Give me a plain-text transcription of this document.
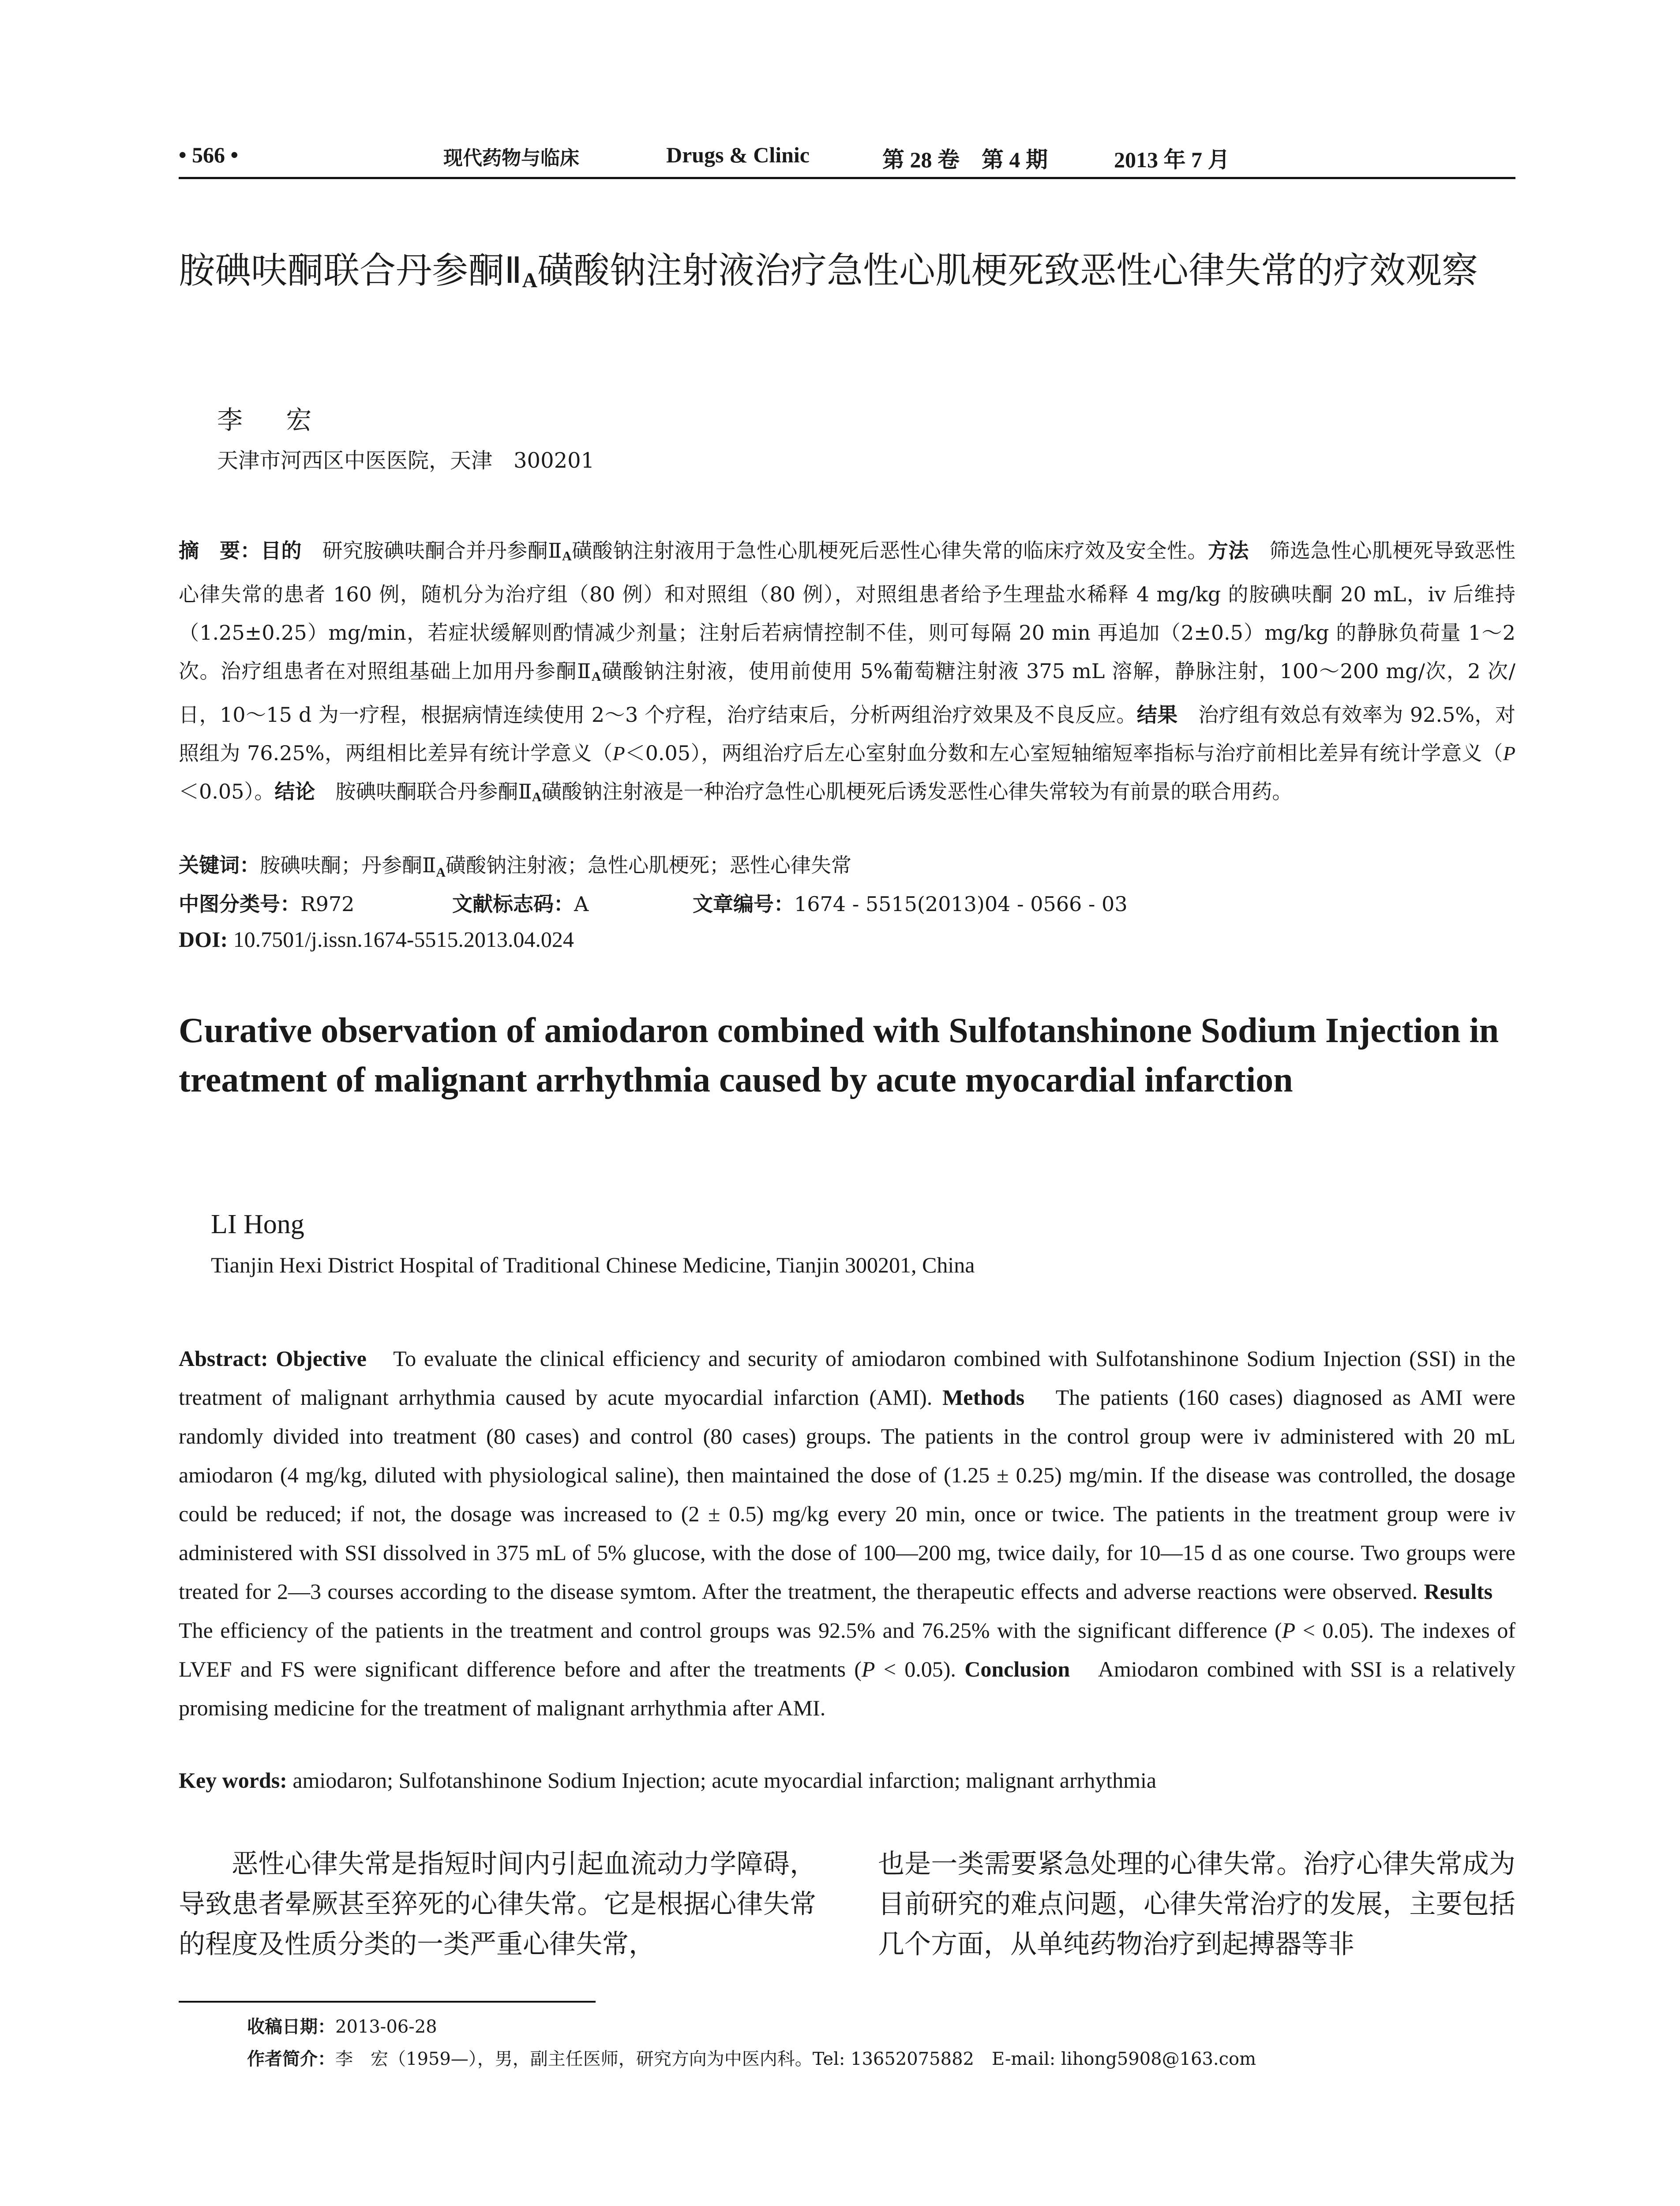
• 566 •	现代药物与临床	Drugs & Clinic	第 28 卷　第 4 期	2013 年 7 月
胺碘呋酮联合丹参酮$Ⅱ_A$磺酸钠注射液治疗急性心肌梗死致恶性心律失常的疗效观察
李 宏
天津市河西区中医医院，天津　300201

摘　要：目的　研究胺碘呋酮合并丹参酮$Ⅱ_A$磺酸钠注射液用于急性心肌梗死后恶性心律失常的临床疗效及安全性。方法　筛选急性心肌梗死导致恶性心律失常的患者 160 例，随机分为治疗组（80 例）和对照组（80 例），对照组患者给予生理盐水稀释 4 mg/kg 的胺碘呋酮 20 mL，iv 后维持（1.25±0.25）mg/min，若症状缓解则酌情减少剂量；注射后若病情控制不佳，则可每隔 20 min 再追加（2±0.5）mg/kg 的静脉负荷量 1～2 次。治疗组患者在对照组基础上加用丹参酮$Ⅱ_A$磺酸钠注射液，使用前使用 5%葡萄糖注射液 375 mL 溶解，静脉注射，100～200 mg/次，2 次/日，10～15 d 为一疗程，根据病情连续使用 2～3 个疗程，治疗结束后，分析两组治疗效果及不良反应。结果　治疗组有效总有效率为 92.5%，对照组为 76.25%，两组相比差异有统计学意义（P＜0.05），两组治疗后左心室射血分数和左心室短轴缩短率指标与治疗前相比差异有统计学意义（P＜0.05）。结论　胺碘呋酮联合丹参酮$Ⅱ_A$磺酸钠注射液是一种治疗急性心肌梗死后诱发恶性心律失常较为有前景的联合用药。

关键词：胺碘呋酮；丹参酮$Ⅱ_A$磺酸钠注射液；急性心肌梗死；恶性心律失常
中图分类号：R972	文献标志码：A	文章编号：1674 - 5515(2013)04 - 0566 - 03
DOI: 10.7501/j.issn.1674-5515.2013.04.024
Curative observation of amiodaron combined with Sulfotanshinone Sodium Injection in treatment of malignant arrhythmia caused by acute myocardial infarction
LI Hong
Tianjin Hexi District Hospital of Traditional Chinese Medicine, Tianjin 300201, China

Abstract: Objective　To evaluate the clinical efficiency and security of amiodaron combined with Sulfotanshinone Sodium Injection (SSI) in the treatment of malignant arrhythmia caused by acute myocardial infarction (AMI). Methods　The patients (160 cases) diagnosed as AMI were randomly divided into treatment (80 cases) and control (80 cases) groups. The patients in the control group were iv administered with 20 mL amiodaron (4 mg/kg, diluted with physiological saline), then maintained the dose of (1.25 ± 0.25) mg/min. If the disease was controlled, the dosage could be reduced; if not, the dosage was increased to (2 ± 0.5) mg/kg every 20 min, once or twice. The patients in the treatment group were iv administered with SSI dissolved in 375 mL of 5% glucose, with the dose of 100—200 mg, twice daily, for 10—15 d as one course. Two groups were treated for 2—3 courses according to the disease symtom. After the treatment, the therapeutic effects and adverse reactions were observed. Results　The efficiency of the patients in the treatment and control groups was 92.5% and 76.25% with the significant difference (P < 0.05). The indexes of LVEF and FS were significant difference before and after the treatments (P < 0.05). Conclusion　Amiodaron combined with SSI is a relatively promising medicine for the treatment of malignant arrhythmia after AMI.

Key words: amiodaron; Sulfotanshinone Sodium Injection; acute myocardial infarction; malignant arrhythmia

恶性心律失常是指短时间内引起血流动力学障碍，导致患者晕厥甚至猝死的心律失常。它是根据心律失常的程度及性质分类的一类严重心律失常，

也是一类需要紧急处理的心律失常。治疗心律失常成为目前研究的难点问题，心律失常治疗的发展，主要包括几个方面，从单纯药物治疗到起搏器等非

收稿日期：2013-06-28
作者简介：李　宏（1959—），男，副主任医师，研究方向为中医内科。Tel: 13652075882　E-mail: lihong5908@163.com
